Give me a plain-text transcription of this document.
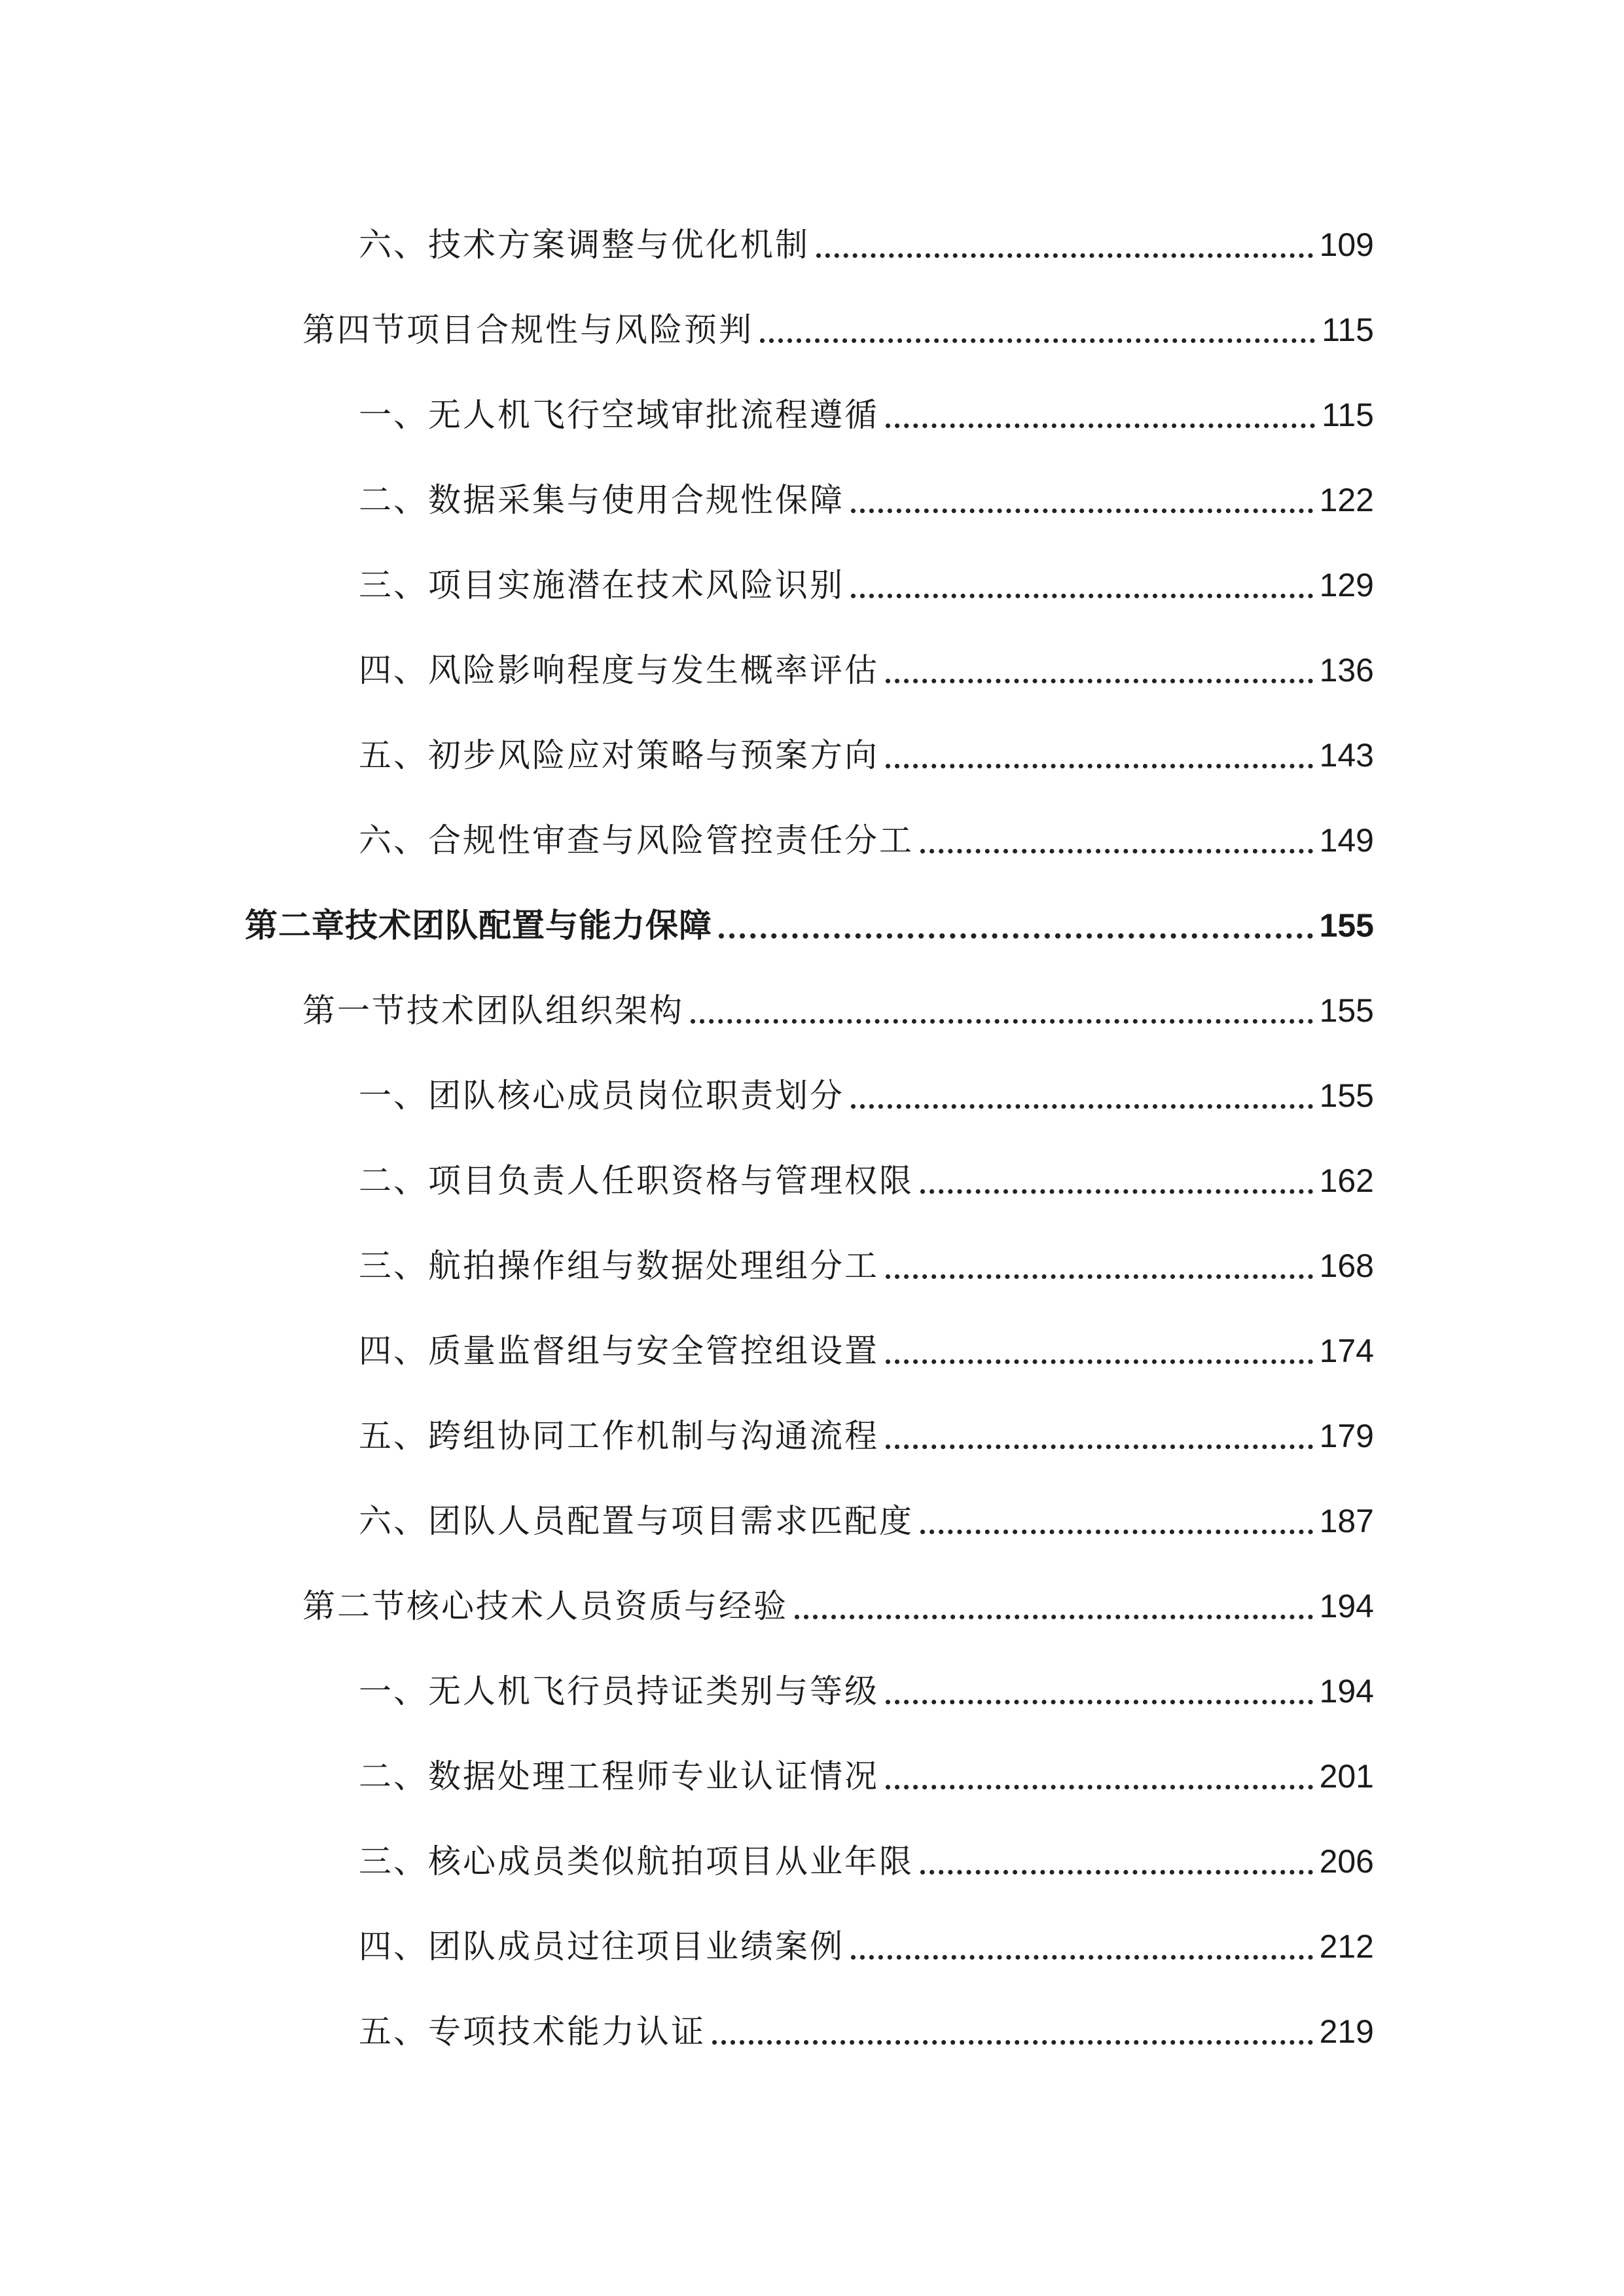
六、技术方案调整与优化机制	109
第四节项目合规性与风险预判	115
一、无人机飞行空域审批流程遵循	115
二、数据采集与使用合规性保障	122
三、项目实施潜在技术风险识别	129
四、风险影响程度与发生概率评估	136
五、初步风险应对策略与预案方向	143
六、合规性审查与风险管控责任分工	149
第二章技术团队配置与能力保障	155
第一节技术团队组织架构	155
一、团队核心成员岗位职责划分	155
二、项目负责人任职资格与管理权限	162
三、航拍操作组与数据处理组分工	168
四、质量监督组与安全管控组设置	174
五、跨组协同工作机制与沟通流程	179
六、团队人员配置与项目需求匹配度	187
第二节核心技术人员资质与经验	194
一、无人机飞行员持证类别与等级	194
二、数据处理工程师专业认证情况	201
三、核心成员类似航拍项目从业年限	206
四、团队成员过往项目业绩案例	212
五、专项技术能力认证	219
